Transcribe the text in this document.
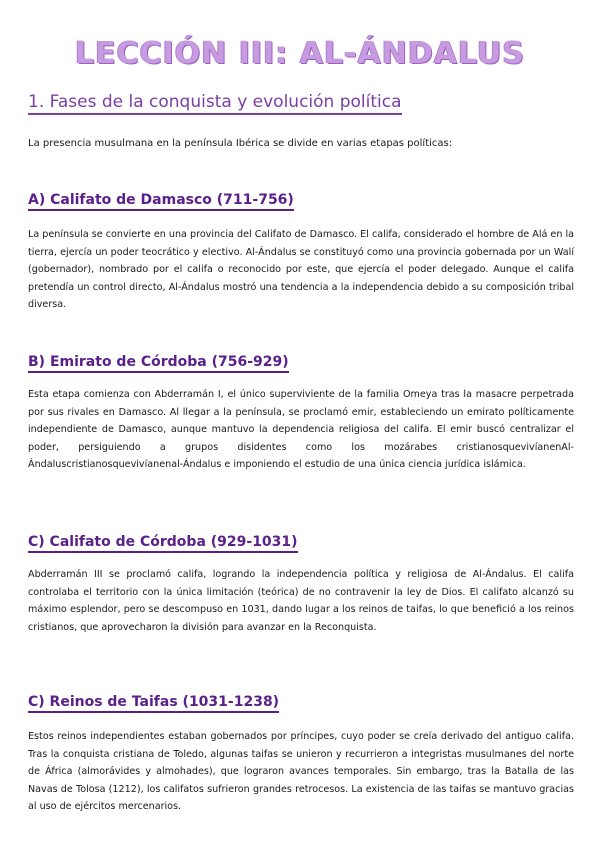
LECCIÓN III: AL-ÁNDALUS
1. Fases de la conquista y evolución política
La presencia musulmana en la península Ibérica se divide en varias etapas políticas:
A) Califato de Damasco (711-756)
La península se convierte en una provincia del Califato de Damasco. El califa, considerado el hombre de Alá en la tierra, ejercía un poder teocrático y electivo. Al-Ándalus se constituyó como una provincia gobernada por un Walí (gobernador), nombrado por el califa o reconocido por este, que ejercía el poder delegado. Aunque el califa pretendía un control directo, Al-Ándalus mostró una tendencia a la independencia debido a su composición tribal diversa.
B) Emirato de Córdoba (756-929)
Esta etapa comienza con Abderramán I, el único superviviente de la familia Omeya tras la masacre perpetrada por sus rivales en Damasco. Al llegar a la península, se proclamó emir, estableciendo un emirato políticamente independiente de Damasco, aunque mantuvo la dependencia religiosa del califa. El emir buscó centralizar el poder, persiguiendo a grupos disidentes como los mozárabes cristianosquevivíanenAl-Ándaluscristianosquevivíanenal-Ándalus e imponiendo el estudio de una única ciencia jurídica islámica.
C) Califato de Córdoba (929-1031)
Abderramán III se proclamó califa, logrando la independencia política y religiosa de Al-Ándalus. El califa controlaba el territorio con la única limitación (teórica) de no contravenir la ley de Dios. El califato alcanzó su máximo esplendor, pero se descompuso en 1031, dando lugar a los reinos de taifas, lo que benefició a los reinos cristianos, que aprovecharon la división para avanzar en la Reconquista.
C) Reinos de Taifas (1031-1238)
Estos reinos independientes estaban gobernados por príncipes, cuyo poder se creía derivado del antiguo califa. Tras la conquista cristiana de Toledo, algunas taifas se unieron y recurrieron a integristas musulmanes del norte de África (almorávides y almohades), que lograron avances temporales. Sin embargo, tras la Batalla de las Navas de Tolosa (1212), los califatos sufrieron grandes retrocesos. La existencia de las taifas se mantuvo gracias al uso de ejércitos mercenarios.
